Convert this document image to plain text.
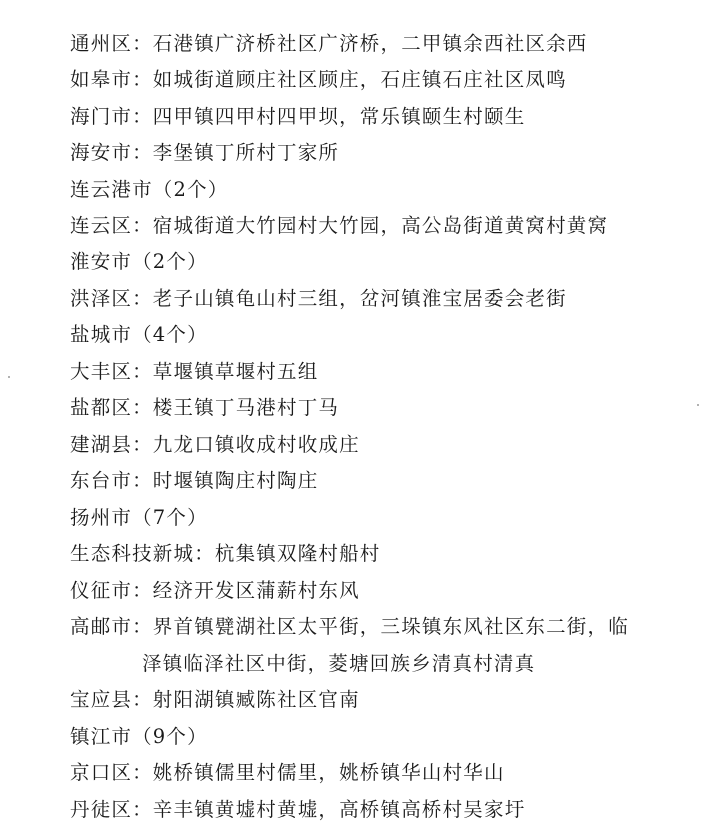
通州区：石港镇广济桥社区广济桥，二甲镇余西社区余西
如皋市：如城街道顾庄社区顾庄，石庄镇石庄社区凤鸣
海门市：四甲镇四甲村四甲坝，常乐镇颐生村颐生
海安市：李堡镇丁所村丁家所
连云港市（2个）
连云区：宿城街道大竹园村大竹园，高公岛街道黄窝村黄窝
淮安市（2个）
洪泽区：老子山镇龟山村三组，岔河镇淮宝居委会老街
盐城市（4个）
大丰区：草堰镇草堰村五组
盐都区：楼王镇丁马港村丁马
建湖县：九龙口镇收成村收成庄
东台市：时堰镇陶庄村陶庄
扬州市（7个）
生态科技新城：杭集镇双隆村船村
仪征市：经济开发区蒲薪村东风
高邮市：界首镇甓湖社区太平街，三垛镇东风社区东二街，临
泽镇临泽社区中街，菱塘回族乡清真村清真
宝应县：射阳湖镇臧陈社区官南
镇江市（9个）
京口区：姚桥镇儒里村儒里，姚桥镇华山村华山
丹徒区：辛丰镇黄墟村黄墟，高桥镇高桥村吴家圩
